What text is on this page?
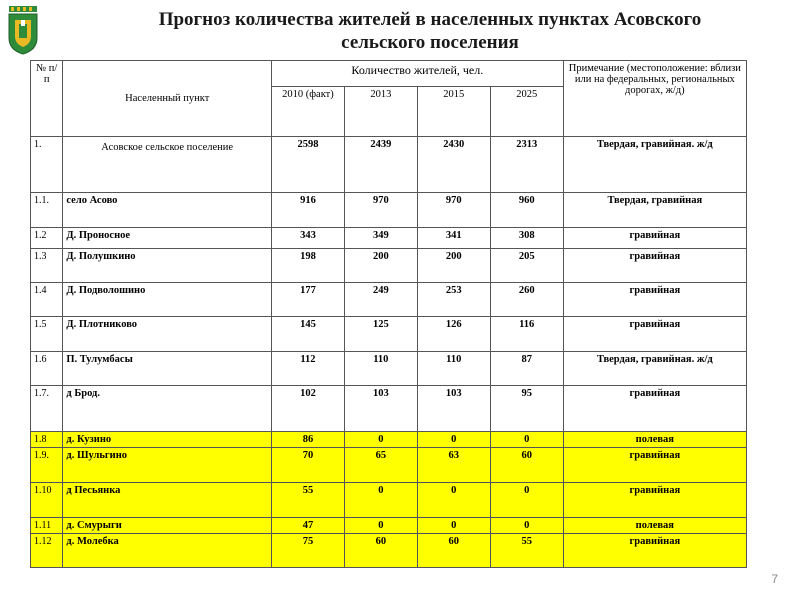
Прогноз количества жителей в населенных пунктах Асовского
сельского поселения
№ п/п	Населенный пункт	Количество жителей, чел.				Примечание (местоположение: вблизи или на федеральных, региональных дорогах, ж/д)
		2010 (факт)	2013	2015	2025	
1.	Асовское сельское поселение	2598	2439	2430	2313	Твердая, гравийная. ж/д
1.1.	село Асово	916	970	970	960	Твердая, гравийная
1.2	Д. Проносное	343	349	341	308	гравийная
1.3	Д. Полушкино	198	200	200	205	гравийная
1.4	Д. Подволошино	177	249	253	260	гравийная
1.5	Д. Плотниково	145	125	126	116	гравийная
1.6	П. Тулумбасы	112	110	110	87	Твердая, гравийная. ж/д
1.7.	д Брод.	102	103	103	95	гравийная
1.8	д. Кузино	86	0	0	0	полевая
1.9.	д. Шульгино	70	65	63	60	гравийная
1.10	д Песьянка	55	0	0	0	гравийная
1.11	д. Смуpыги	47	0	0	0	полевая
1.12	д. Молебка	75	60	60	55	гравийная
7
